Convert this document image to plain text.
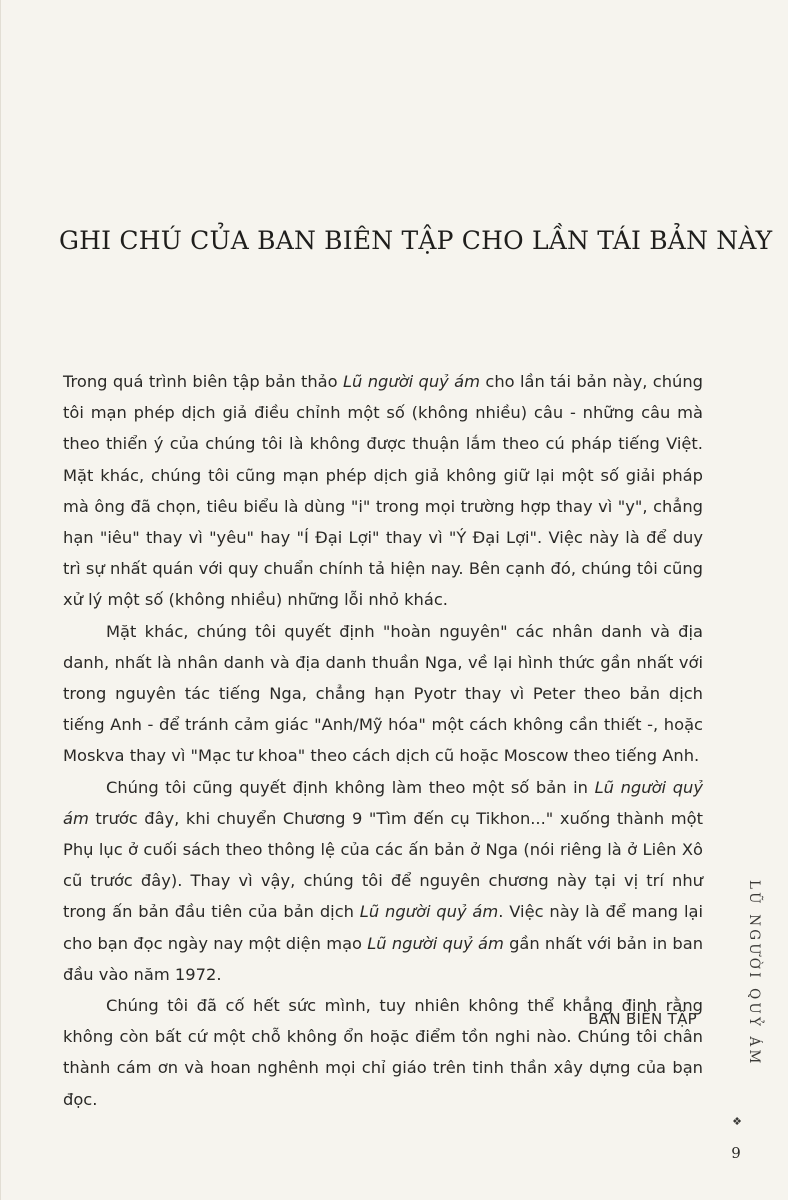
GHI CHÚ CỦA BAN BIÊN TẬP CHO LẦN TÁI BẢN NÀY

Trong quá trình biên tập bản thảo Lũ người quỷ ám cho lần tái bản này, chúng tôi mạn phép dịch giả điều chỉnh một số (không nhiều) câu - những câu mà theo thiển ý của chúng tôi là không được thuận lắm theo cú pháp tiếng Việt. Mặt khác, chúng tôi cũng mạn phép dịch giả không giữ lại một số giải pháp mà ông đã chọn, tiêu biểu là dùng "i" trong mọi trường hợp thay vì "y", chẳng hạn "iêu" thay vì "yêu" hay "Í Đại Lợi" thay vì "Ý Đại Lợi". Việc này là để duy trì sự nhất quán với quy chuẩn chính tả hiện nay. Bên cạnh đó, chúng tôi cũng xử lý một số (không nhiều) những lỗi nhỏ khác.

Mặt khác, chúng tôi quyết định "hoàn nguyên" các nhân danh và địa danh, nhất là nhân danh và địa danh thuần Nga, về lại hình thức gần nhất với trong nguyên tác tiếng Nga, chẳng hạn Pyotr thay vì Peter theo bản dịch tiếng Anh - để tránh cảm giác "Anh/Mỹ hóa" một cách không cần thiết -, hoặc Moskva thay vì "Mạc tư khoa" theo cách dịch cũ hoặc Moscow theo tiếng Anh.

Chúng tôi cũng quyết định không làm theo một số bản in Lũ người quỷ ám trước đây, khi chuyển Chương 9 "Tìm đến cụ Tikhon..." xuống thành một Phụ lục ở cuối sách theo thông lệ của các ấn bản ở Nga (nói riêng là ở Liên Xô cũ trước đây). Thay vì vậy, chúng tôi để nguyên chương này tại vị trí như trong ấn bản đầu tiên của bản dịch Lũ người quỷ ám. Việc này là để mang lại cho bạn đọc ngày nay một diện mạo Lũ người quỷ ám gần nhất với bản in ban đầu vào năm 1972.

Chúng tôi đã cố hết sức mình, tuy nhiên không thể khẳng định rằng không còn bất cứ một chỗ không ổn hoặc điểm tồn nghi nào. Chúng tôi chân thành cám ơn và hoan nghênh mọi chỉ giáo trên tinh thần xây dựng của bạn đọc.

BAN BIÊN TẬP	LŨ NGƯỜI QUỶ ÁM
❖
9
